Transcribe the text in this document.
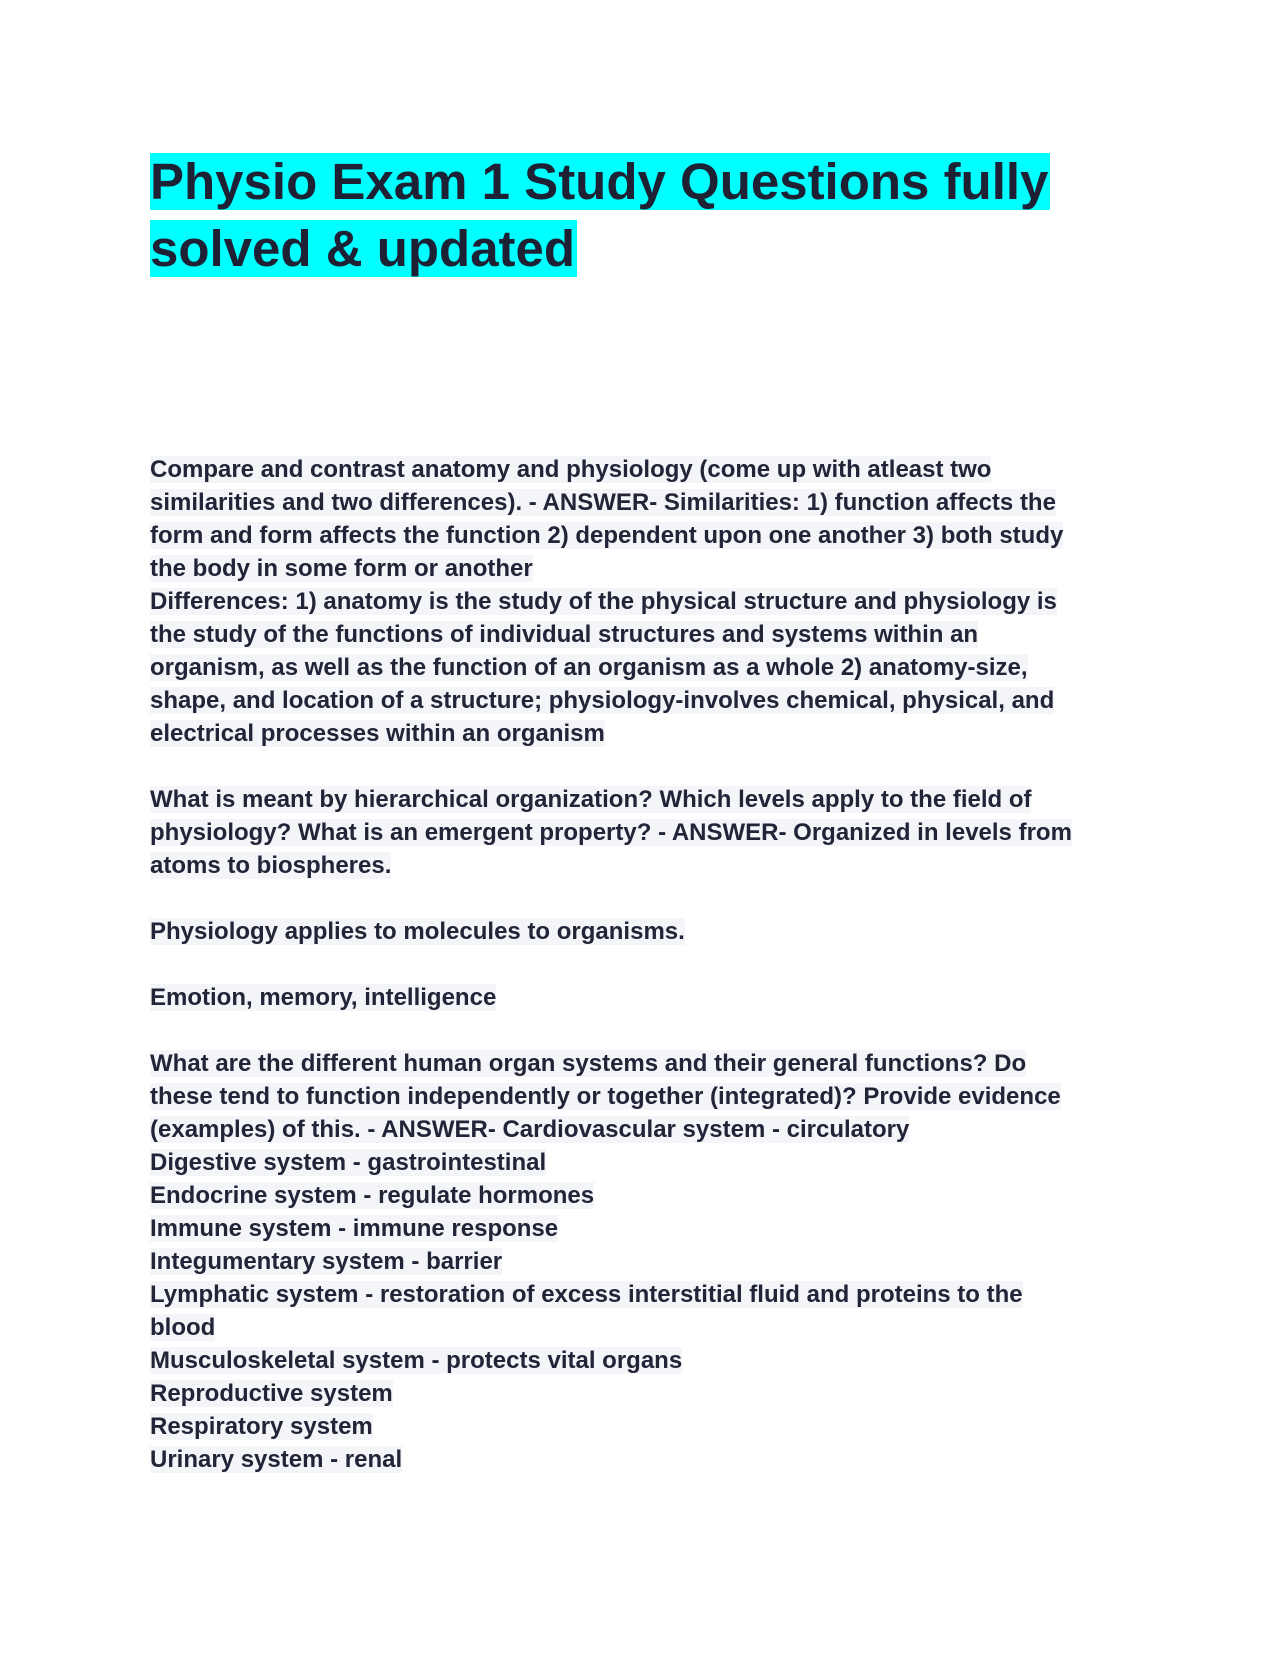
Physio Exam 1 Study Questions fully
solved & updated
Compare and contrast anatomy and physiology (come up with atleast two
similarities and two differences). - ANSWER- Similarities: 1) function affects the
form and form affects the function 2) dependent upon one another 3) both study
the body in some form or another
Differences: 1) anatomy is the study of the physical structure and physiology is
the study of the functions of individual structures and systems within an
organism, as well as the function of an organism as a whole 2) anatomy-size,
shape, and location of a structure; physiology-involves chemical, physical, and
electrical processes within an organism
What is meant by hierarchical organization? Which levels apply to the field of
physiology? What is an emergent property? - ANSWER- Organized in levels from
atoms to biospheres.
Physiology applies to molecules to organisms.
Emotion, memory, intelligence
What are the different human organ systems and their general functions? Do
these tend to function independently or together (integrated)? Provide evidence
(examples) of this. - ANSWER- Cardiovascular system - circulatory
Digestive system - gastrointestinal
Endocrine system - regulate hormones
Immune system - immune response
Integumentary system - barrier
Lymphatic system - restoration of excess interstitial fluid and proteins to the
blood
Musculoskeletal system - protects vital organs
Reproductive system
Respiratory system
Urinary system - renal
